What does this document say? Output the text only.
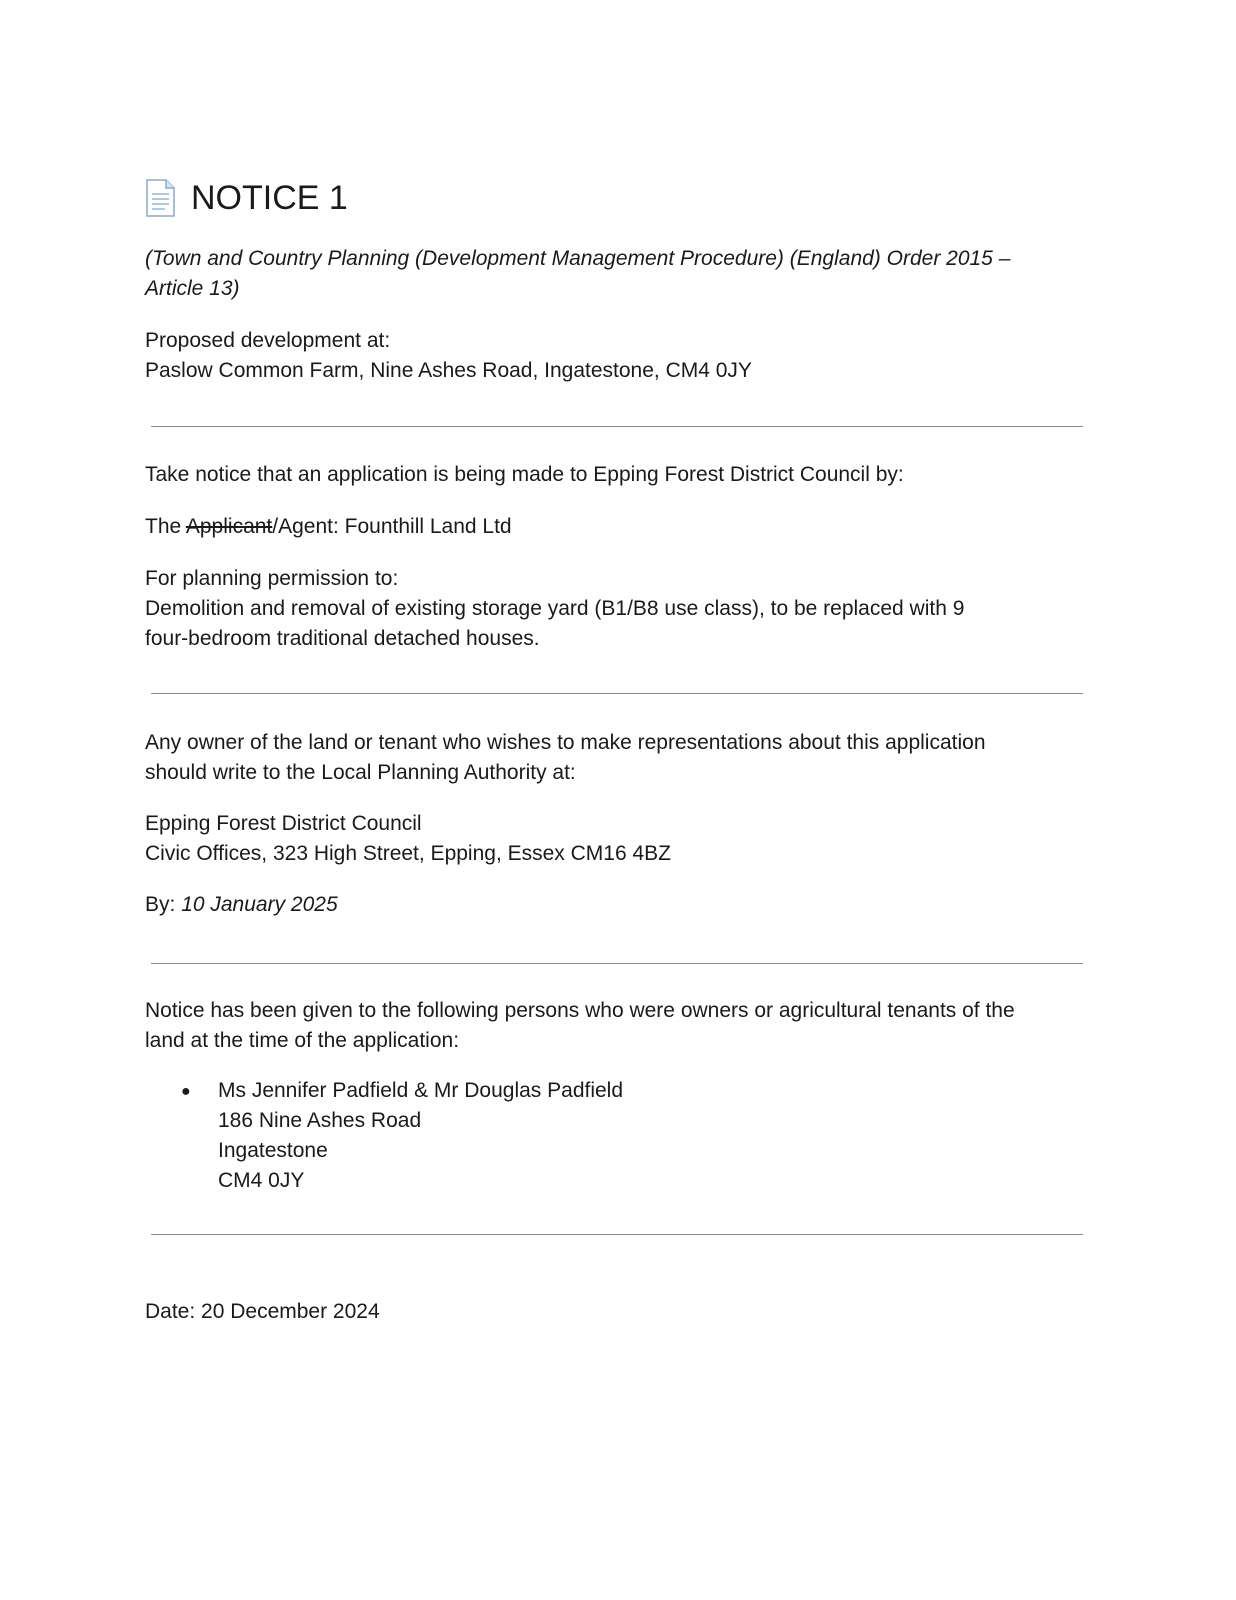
NOTICE 1
(Town and Country Planning (Development Management Procedure) (England) Order 2015 –
Article 13)
Proposed development at:
Paslow Common Farm, Nine Ashes Road, Ingatestone, CM4 0JY
Take notice that an application is being made to Epping Forest District Council by:
The Applicant/Agent: Founthill Land Ltd
For planning permission to:
Demolition and removal of existing storage yard (B1/B8 use class), to be replaced with 9
four-bedroom traditional detached houses.
Any owner of the land or tenant who wishes to make representations about this application
should write to the Local Planning Authority at:
Epping Forest District Council
Civic Offices, 323 High Street, Epping, Essex CM16 4BZ
By: 10 January 2025
Notice has been given to the following persons who were owners or agricultural tenants of the
land at the time of the application:
● Ms Jennifer Padfield & Mr Douglas Padfield
186 Nine Ashes Road
Ingatestone
CM4 0JY
Date: 20 December 2024
